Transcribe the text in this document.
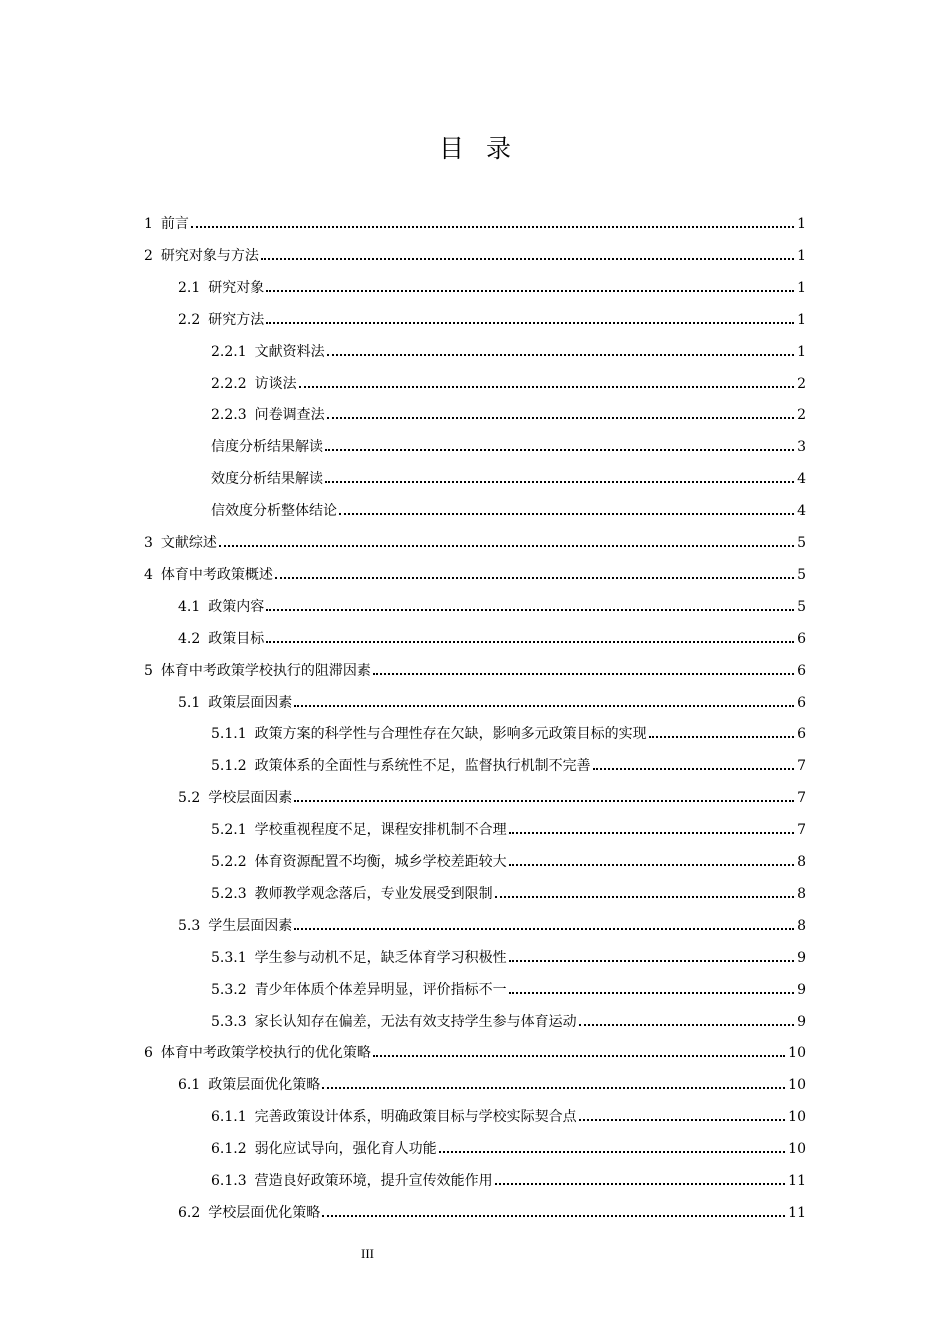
目录
1 前言	1
2 研究对象与方法	1
2.1 研究对象	1
2.2 研究方法	1
2.2.1 文献资料法	1
2.2.2 访谈法	2
2.2.3 问卷调查法	2
信度分析结果解读	3
效度分析结果解读	4
信效度分析整体结论	4
3 文献综述	5
4 体育中考政策概述	5
4.1 政策内容	5
4.2 政策目标	6
5 体育中考政策学校执行的阻滞因素	6
5.1 政策层面因素	6
5.1.1 政策方案的科学性与合理性存在欠缺，影响多元政策目标的实现	6
5.1.2 政策体系的全面性与系统性不足，监督执行机制不完善	7
5.2 学校层面因素	7
5.2.1 学校重视程度不足，课程安排机制不合理	7
5.2.2 体育资源配置不均衡，城乡学校差距较大	8
5.2.3 教师教学观念落后，专业发展受到限制	8
5.3 学生层面因素	8
5.3.1 学生参与动机不足，缺乏体育学习积极性	9
5.3.2 青少年体质个体差异明显，评价指标不一	9
5.3.3 家长认知存在偏差，无法有效支持学生参与体育运动	9
6 体育中考政策学校执行的优化策略	10
6.1 政策层面优化策略	10
6.1.1 完善政策设计体系，明确政策目标与学校实际契合点	10
6.1.2 弱化应试导向，强化育人功能	10
6.1.3 营造良好政策环境，提升宣传效能作用	11
6.2 学校层面优化策略	11
III
